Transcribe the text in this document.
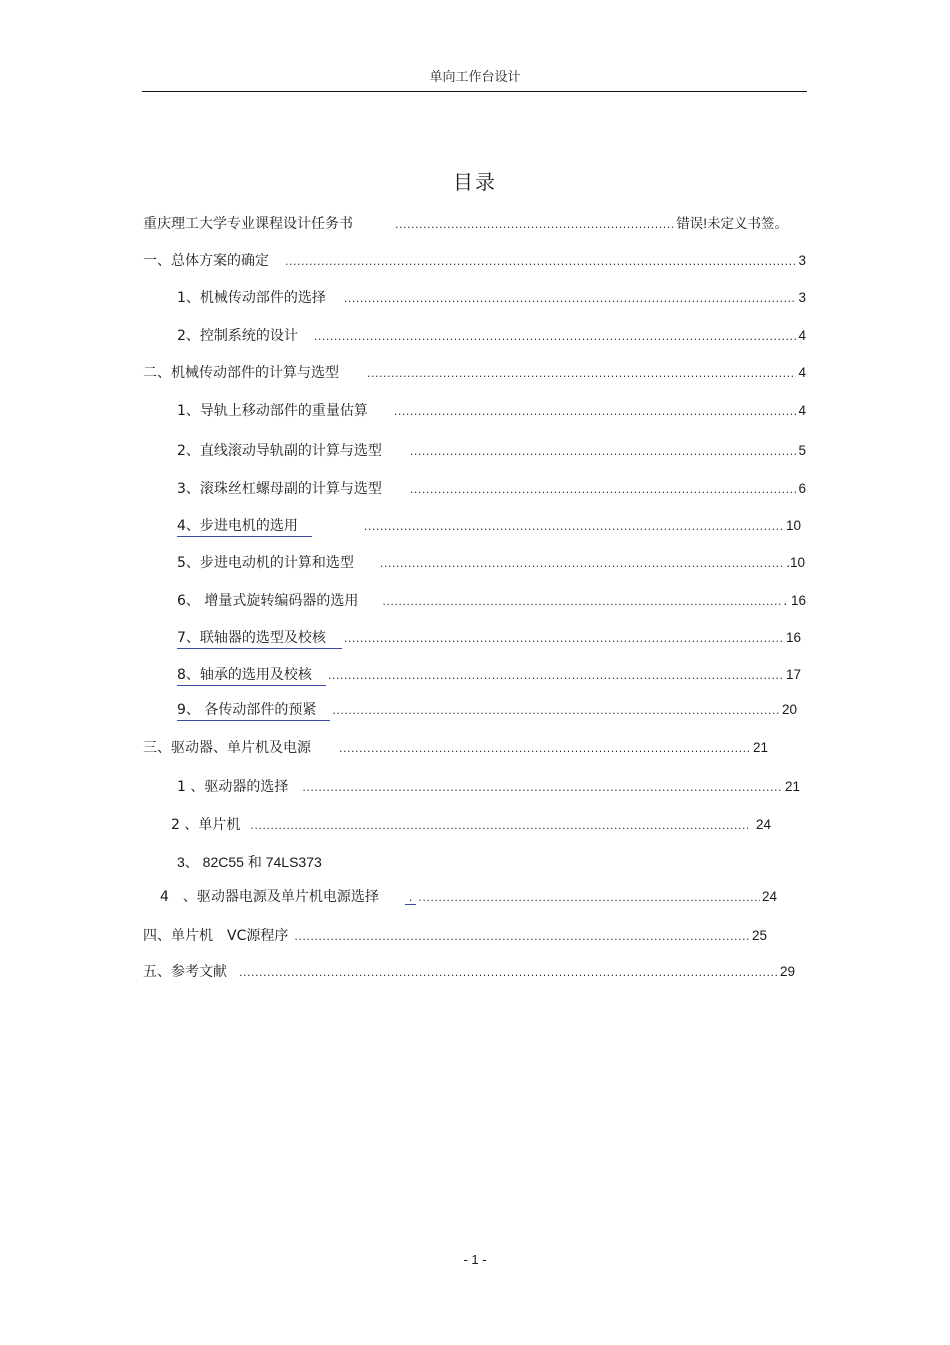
单向工作台设计
目录
重庆理工大学专业课程设计任务书 .....	错误!未定义书签。
一、总体方案的确定 .....	3
1、机械传动部件的选择 .....	3
2、控制系统的设计 .....	4
二、机械传动部件的计算与选型 .....	4
1、导轨上移动部件的重量估算 .....	4
2、直线滚动导轨副的计算与选型 .....	5
3、滚珠丝杠螺母副的计算与选型 .....	6
4、步进电机的选用 .....	10
5、步进电动机的计算和选型 .....	.10
6、 增量式旋转编码器的选用 .....	. 16
7、联轴器的选型及校核 .....	16
8、轴承的选用及校核 .....	17
9、 各传动部件的预紧 .....	20
三、驱动器、单片机及电源 .....	21
1 、驱动器的选择 .....	21
2 、单片机 .....	24
3、 82C55 和 74LS373
4　、驱动器电源及单片机电源选择	. .....	24
四、单片机　VC源程序 .....	25
五、参考文献 .....	29
- 1 -
